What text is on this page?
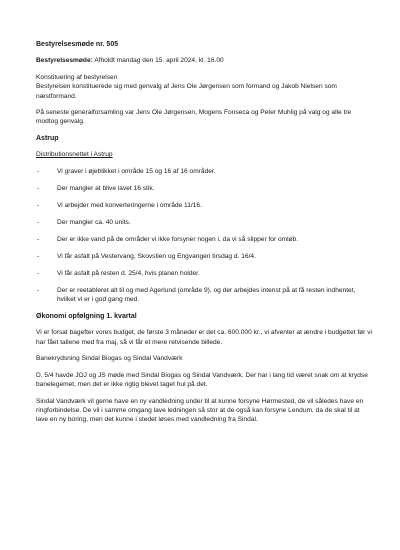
Bestyrelsesmøde nr. 505

Bestyrelsesmøde: Afholdt mandag den 15. april 2024, kl. 16.00

Konstituering af bestyrelsen
Bestyrelsen konstituerede sig med genvalg af Jens Ole Jørgensen som formand og Jakob Nielsen som næstformand.

På seneste generalforsamling var Jens Ole Jørgensen, Mogens Fonseca og Peter Muhlig på valg og alle tre modtog genvalg.

Astrup

Distributionsnettet i Astrup

- Vi graver i øjeblikket i område 15 og 16 af 16 områder.
- Der mangler at blive lavet 16 stik.
- Vi arbejder med konverteringerne i område 11/16.
- Der mangler ca. 40 units.
- Der er ikke vand på de områder vi ikke forsyner nogen i, da vi så slipper for omløb.
- Vi får asfalt på Vestervang, Skovstien og Engvangen tirsdag d. 16/4.
- Vi får asfalt på resten d. 25/4, hvis planen holder.
- Der er reetableret alt til og med Agerlund (område 9), og der arbejdes intenst på at få resten indhentet, hvilket vi er i god gang med.

Økonomi opfølgning 1. kvartal

Vi er forsat bagefter vores budget, de første 3 måneder er det ca. 600.000 kr., vi afventer at ændre i budgettet før vi har fået tallene med fra maj, så vi får et mere retvisende billede.

Banekrydsning Sindal Biogas og Sindal Vandværk

D. 5/4 havde JOJ og JS møde med Sindal Biogas og Sindal Vandværk. Der har i lang tid været snak om at krydse banelegemet, men det er ikke rigtig blevet taget hul på det.

Sindal Vandværk vil gerne have en ny vandledning under til at kunne forsyne Hørmested, de vil således have en ringforbindelse. De vil i samme omgang lave ledningen så stor at de også kan forsyne Lendum, da de skal til at lave en ny boring, men det kunne i stedet løses med vandledning fra Sindal.
